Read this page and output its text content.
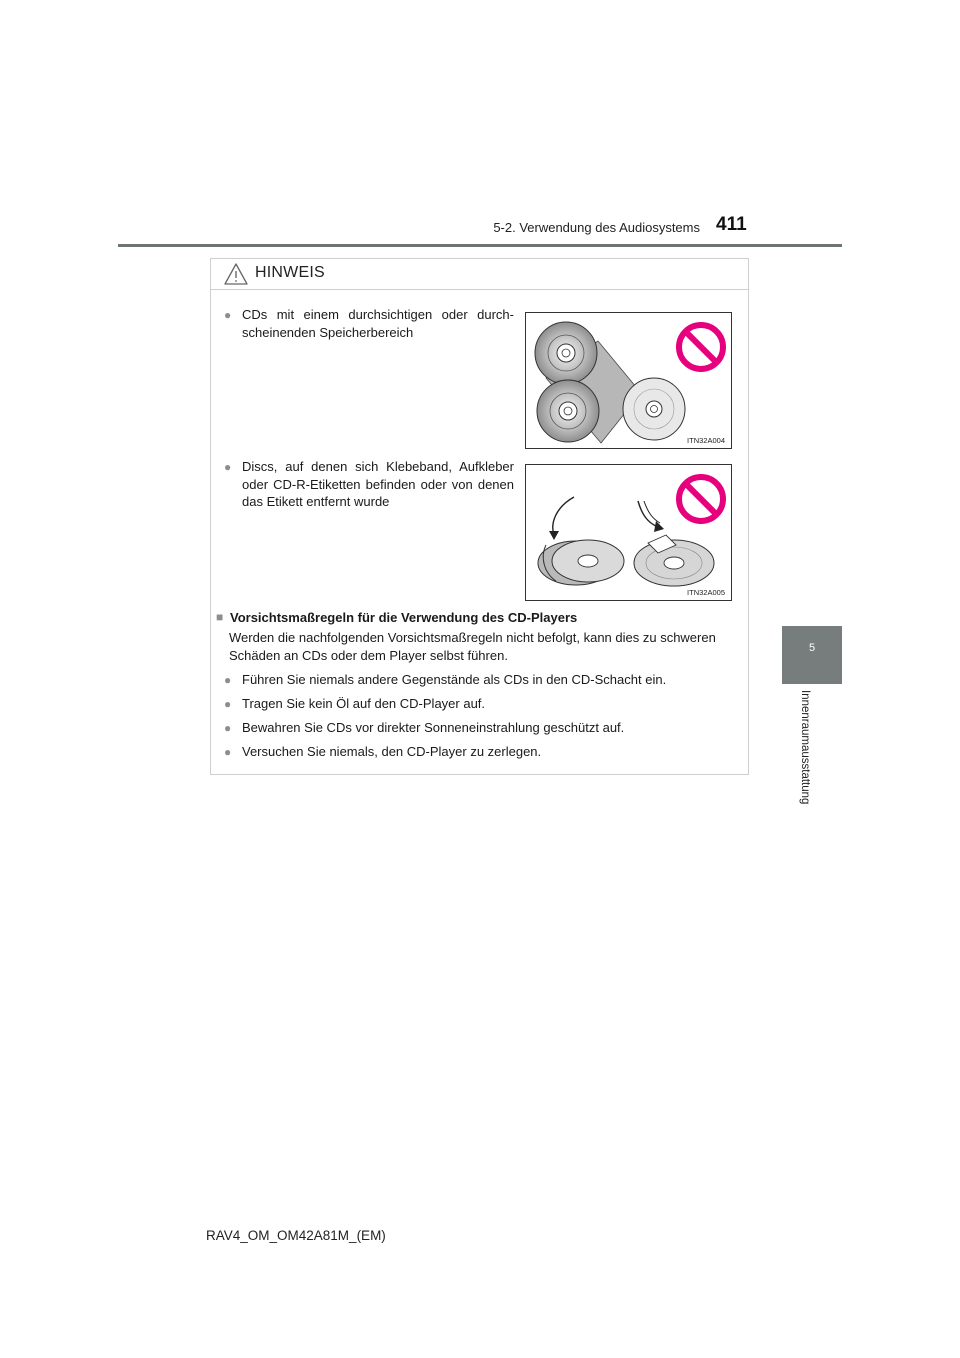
5-2. Verwendung des Audiosystems 411
5
Innenraumausstattung
HINWEIS
● CDs mit einem durchsichtigen oder durch-scheinenden Speicherbereich
ITN32A004
● Discs, auf denen sich Klebeband, Aufkleber oder CD-R-Etiketten befinden oder von denen das Etikett entfernt wurde
ITN32A005
■ Vorsichtsmaßregeln für die Verwendung des CD-Players
Werden die nachfolgenden Vorsichtsmaßregeln nicht befolgt, kann dies zu schweren Schäden an CDs oder dem Player selbst führen.
● Führen Sie niemals andere Gegenstände als CDs in den CD-Schacht ein.
● Tragen Sie kein Öl auf den CD-Player auf.
● Bewahren Sie CDs vor direkter Sonneneinstrahlung geschützt auf.
● Versuchen Sie niemals, den CD-Player zu zerlegen.
RAV4_OM_OM42A81M_(EM)
